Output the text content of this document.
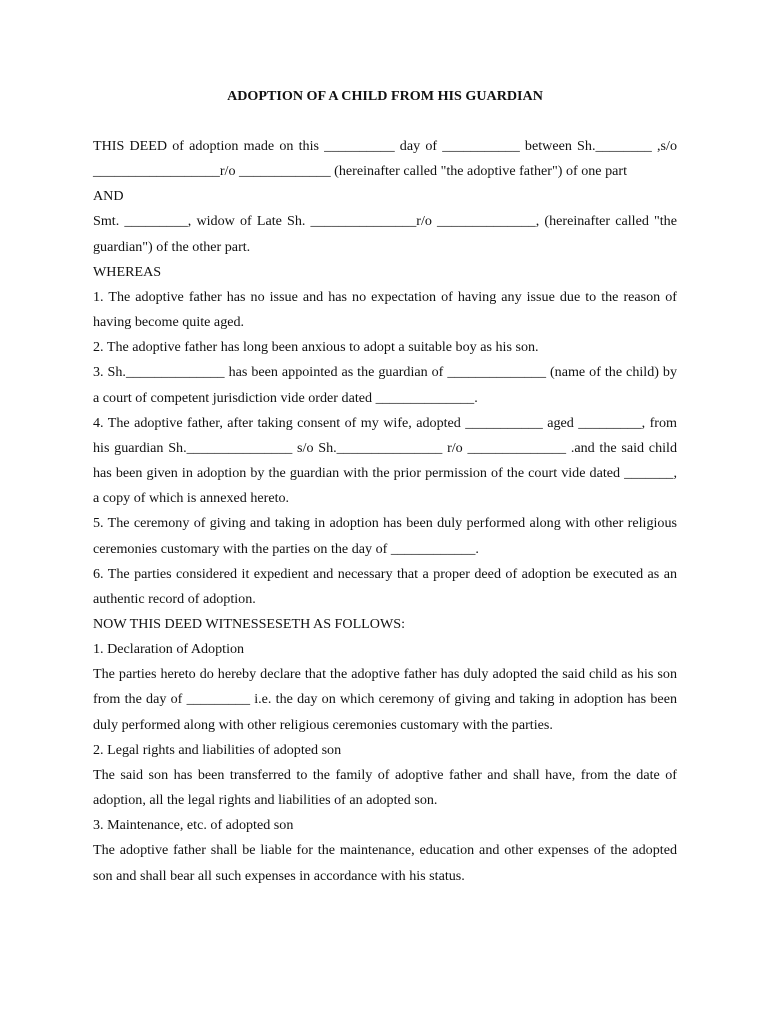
ADOPTION OF A CHILD FROM HIS GUARDIAN

THIS DEED of adoption made on this __________ day of ___________ between Sh.________ ,s/o __________________r/o _____________ (hereinafter called "the adoptive father") of one part

AND

Smt. _________, widow of Late Sh. _______________r/o ______________, (hereinafter called "the guardian") of the other part.

WHEREAS

1. The adoptive father has no issue and has no expectation of having any issue due to the reason of having become quite aged.

2. The adoptive father has long been anxious to adopt a suitable boy as his son.

3. Sh.______________ has been appointed as the guardian of ______________ (name of the child) by a court of competent jurisdiction vide order dated ______________.

4. The adoptive father, after taking consent of my wife, adopted ___________ aged _________, from his guardian Sh._______________ s/o Sh._______________ r/o ______________ .and the said child has been given in adoption by the guardian with the prior permission of the court vide dated _______, a copy of which is annexed hereto.

5. The ceremony of giving and taking in adoption has been duly performed along with other religious ceremonies customary with the parties on the day of ____________.

6. The parties considered it expedient and necessary that a proper deed of adoption be executed as an authentic record of adoption.

NOW THIS DEED WITNESSESETH AS FOLLOWS:

1. Declaration of Adoption

The parties hereto do hereby declare that the adoptive father has duly adopted the said child as his son from the day of _________ i.e. the day on which ceremony of giving and taking in adoption has been duly performed along with other religious ceremonies customary with the parties.

2. Legal rights and liabilities of adopted son

The said son has been transferred to the family of adoptive father and shall have, from the date of adoption, all the legal rights and liabilities of an adopted son.

3. Maintenance, etc. of adopted son

The adoptive father shall be liable for the maintenance, education and other expenses of the adopted son and shall bear all such expenses in accordance with his status.
